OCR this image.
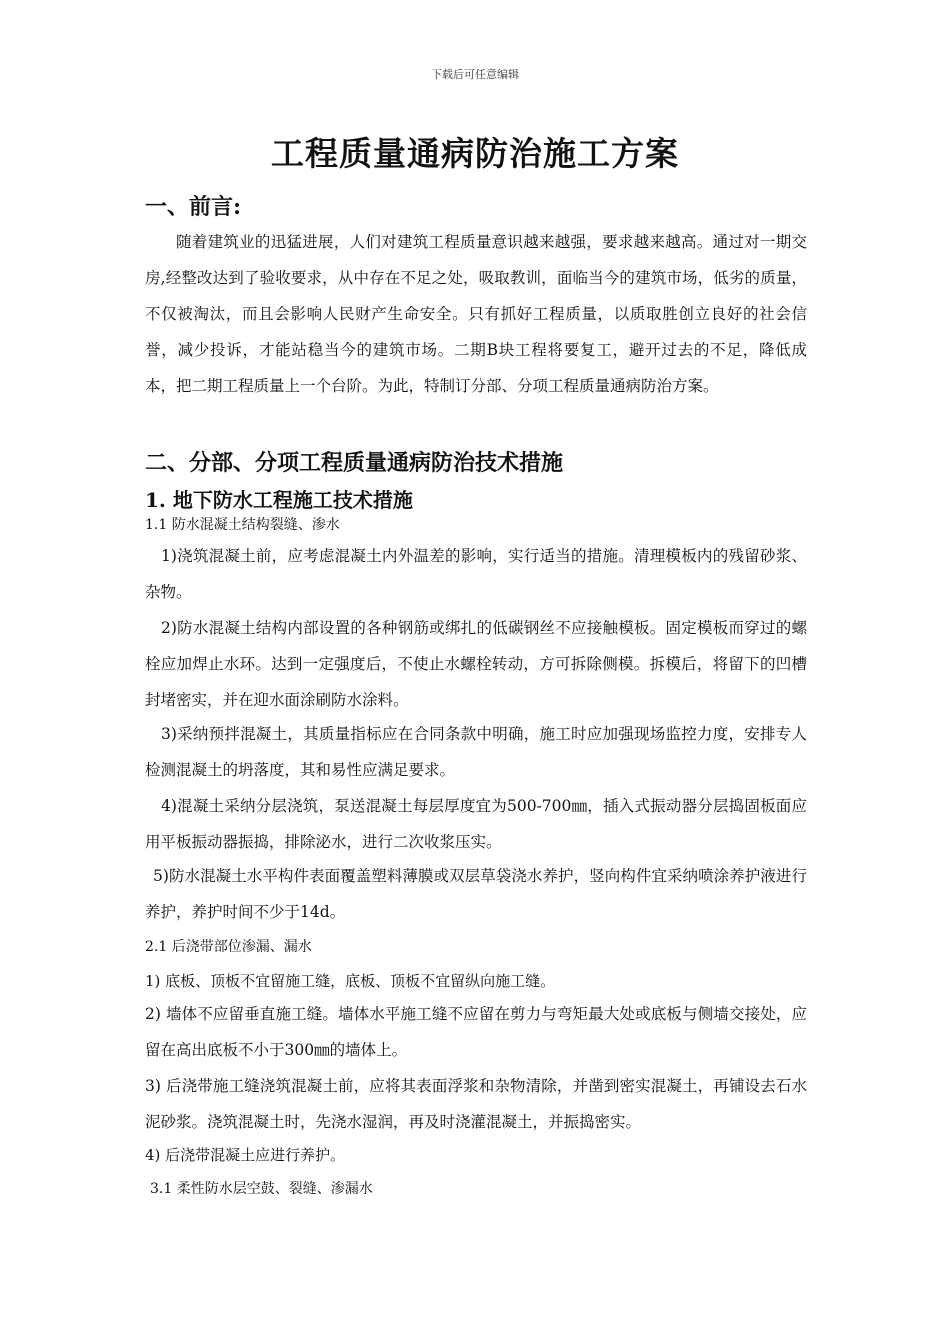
下载后可任意编辑
工程质量通病防治施工方案
一、前言:

随着建筑业的迅猛进展，人们对建筑工程质量意识越来越强，要求越来越高。通过对一期交房,经整改达到了验收要求，从中存在不足之处，吸取教训，面临当今的建筑市场，低劣的质量，不仅被淘汰，而且会影响人民财产生命安全。只有抓好工程质量，以质取胜创立良好的社会信誉，减少投诉，才能站稳当今的建筑市场。二期B块工程将要复工，避开过去的不足，降低成本，把二期工程质量上一个台阶。为此，特制订分部、分项工程质量通病防治方案。

二、分部、分项工程质量通病防治技术措施
1. 地下防水工程施工技术措施
1.1 防水混凝土结构裂缝、渗水

1)浇筑混凝土前，应考虑混凝土内外温差的影响，实行适当的措施。清理模板内的残留砂浆、杂物。

2)防水混凝土结构内部设置的各种钢筋或绑扎的低碳钢丝不应接触模板。固定模板而穿过的螺栓应加焊止水环。达到一定强度后，不使止水螺栓转动，方可拆除侧模。拆模后，将留下的凹槽封堵密实，并在迎水面涂刷防水涂料。

3)采纳预拌混凝土，其质量指标应在合同条款中明确，施工时应加强现场监控力度，安排专人检测混凝土的坍落度，其和易性应满足要求。

4)混凝土采纳分层浇筑，泵送混凝土每层厚度宜为500-700㎜，插入式振动器分层捣固板面应用平板振动器振捣，排除泌水，进行二次收浆压实。

5)防水混凝土水平构件表面覆盖塑料薄膜或双层草袋浇水养护，竖向构件宜采纳喷涂养护液进行养护，养护时间不少于14d。

2.1 后浇带部位渗漏、漏水
1) 底板、顶板不宜留施工缝，底板、顶板不宜留纵向施工缝。

2) 墙体不应留垂直施工缝。墙体水平施工缝不应留在剪力与弯矩最大处或底板与侧墙交接处，应留在高出底板不小于300㎜的墙体上。

3) 后浇带施工缝浇筑混凝土前，应将其表面浮浆和杂物清除，并凿到密实混凝土，再铺设去石水泥砂浆。浇筑混凝土时，先浇水湿润，再及时浇灌混凝土，并振捣密实。

4) 后浇带混凝土应进行养护。
3.1 柔性防水层空鼓、裂缝、渗漏水
